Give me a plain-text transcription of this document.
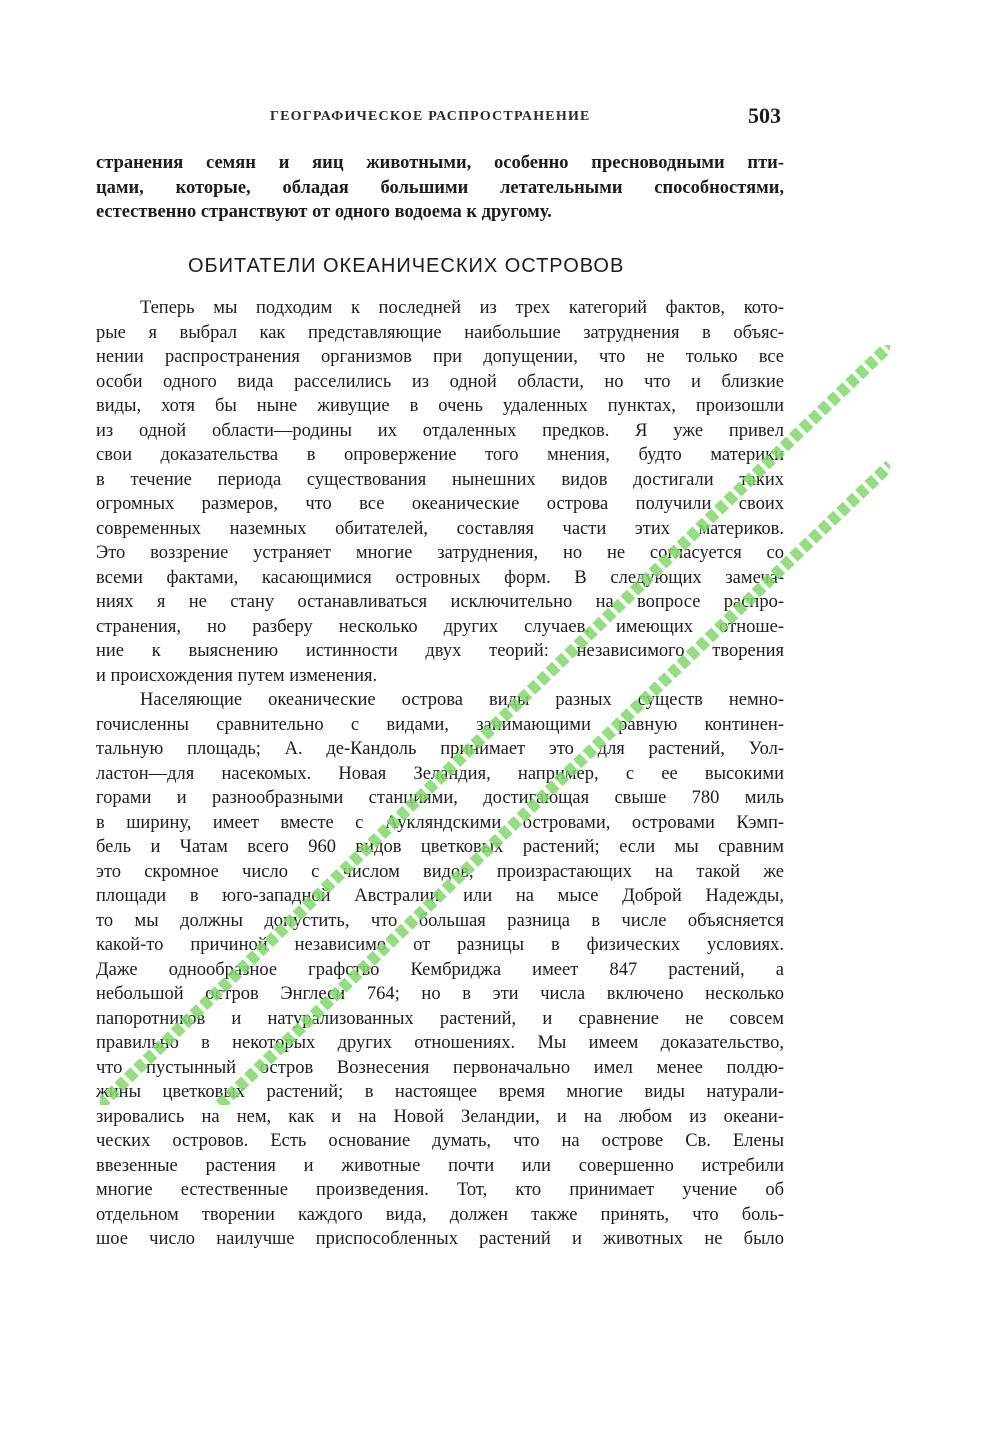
ГЕОГРАФИЧЕСКОЕ РАСПРОСТРАНЕНИЕ	503
странения семян и яиц животными, особенно пресноводными пти-
цами, которые, обладая большими летательными способностями,
естественно странствуют от одного водоема к другому.
ОБИТАТЕЛИ ОКЕАНИЧЕСКИХ ОСТРОВОВ
Теперь мы подходим к последней из трех категорий фактов, кото-
рые я выбрал как представляющие наибольшие затруднения в объяс-
нении распространения организмов при допущении, что не только все
особи одного вида расселились из одной области, но что и близкие
виды, хотя бы ныне живущие в очень удаленных пунктах, произошли
из одной области—родины их отдаленных предков. Я уже привел
свои доказательства в опровержение того мнения, будто материки
в течение периода существования нынешних видов достигали таких
огромных размеров, что все океанические острова получили своих
современных наземных обитателей, составляя части этих материков.
Это воззрение устраняет многие затруднения, но не согласуется со
всеми фактами, касающимися островных форм. В следующих замеча-
ниях я не стану останавливаться исключительно на вопросе распро-
странения, но разберу несколько других случаев, имеющих отноше-
ние к выяснению истинности двух теорий: независимого творения
и происхождения путем изменения.
Населяющие океанические острова виды разных существ немно-
гочисленны сравнительно с видами, занимающими равную континен-
тальную площадь; А. де-Кандоль принимает это для растений, Уол-
ластон—для насекомых. Новая Зеландия, например, с ее высокими
горами и разнообразными станциями, достигающая свыше 780 миль
в ширину, имеет вместе с Аукляндскими островами, островами Кэмп-
бель и Чатам всего 960 видов цветковых растений; если мы сравним
это скромное число с числом видов, произрастающих на такой же
площади в юго-западной Австралии или на мысе Доброй Надежды,
то мы должны допустить, что большая разница в числе объясняется
какой-то причиной независимо от разницы в физических условиях.
Даже однообразное графство Кембриджа имеет 847 растений, а
небольшой остров Энглеси 764; но в эти числа включено несколько
папоротников и натурализованных растений, и сравнение не совсем
правильно в некоторых других отношениях. Мы имеем доказательство,
что пустынный остров Вознесения первоначально имел менее полдю-
жины цветковых растений; в настоящее время многие виды натурали-
зировались на нем, как и на Новой Зеландии, и на любом из океани-
ческих островов. Есть основание думать, что на острове Св. Елены
ввезенные растения и животные почти или совершенно истребили
многие естественные произведения. Тот, кто принимает учение об
отдельном творении каждого вида, должен также принять, что боль-
шое число наилучше приспособленных растений и животных не было
